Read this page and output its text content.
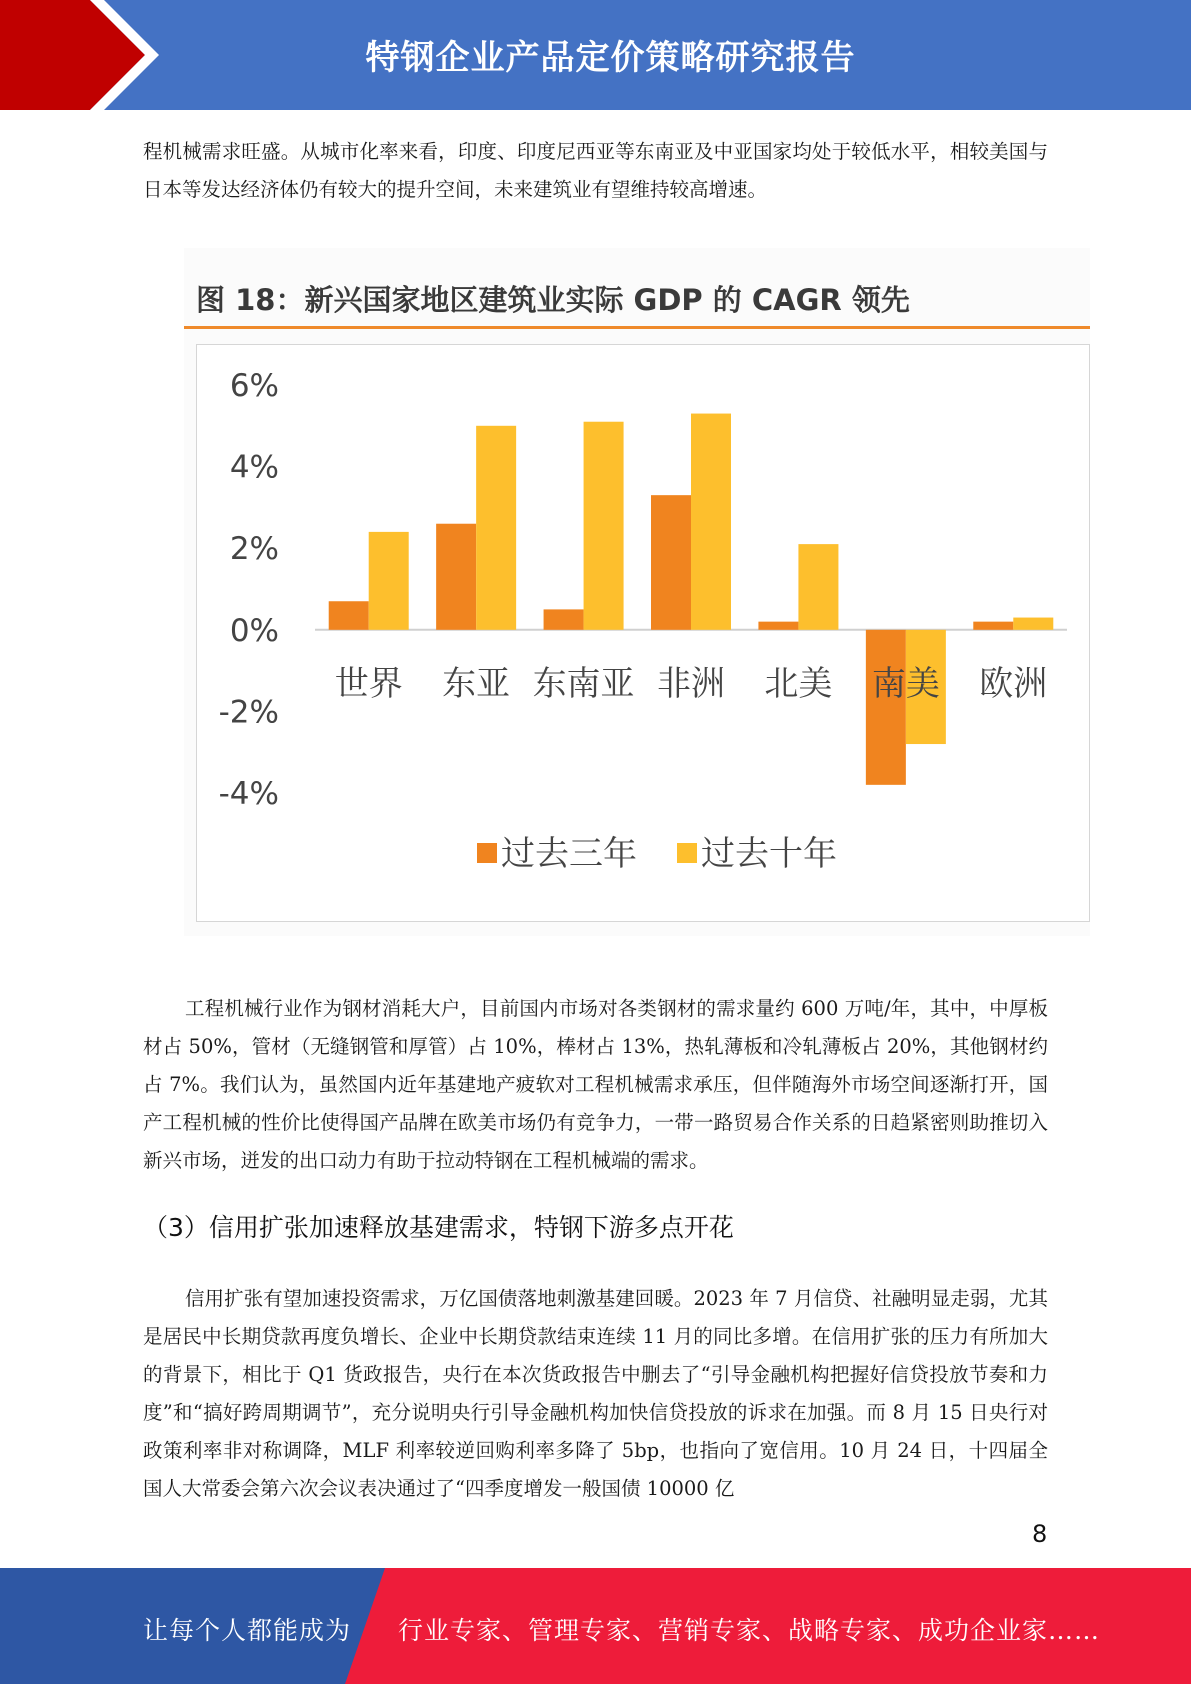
特钢企业产品定价策略研究报告
程机械需求旺盛。从城市化率来看，印度、印度尼西亚等东南亚及中亚国家均处于较低水平，相较美国与日本等发达经济体仍有较大的提升空间，未来建筑业有望维持较高增速。
图 18：新兴国家地区建筑业实际 GDP 的 CAGR 领先
6%
4%
2%
0%
-2%
-4%
世界 东亚 东南亚 非洲 北美 南美 欧洲
过去三年 过去十年
工程机械行业作为钢材消耗大户，目前国内市场对各类钢材的需求量约 600 万吨/年，其中，中厚板材占 50%，管材（无缝钢管和厚管）占 10%，棒材占 13%，热轧薄板和冷轧薄板占 20%，其他钢材约占 7%。我们认为，虽然国内近年基建地产疲软对工程机械需求承压，但伴随海外市场空间逐渐打开，国产工程机械的性价比使得国产品牌在欧美市场仍有竞争力，一带一路贸易合作关系的日趋紧密则助推切入新兴市场，迸发的出口动力有助于拉动特钢在工程机械端的需求。
（3）信用扩张加速释放基建需求，特钢下游多点开花
信用扩张有望加速投资需求，万亿国债落地刺激基建回暖。2023 年 7 月信贷、社融明显走弱，尤其是居民中长期贷款再度负增长、企业中长期贷款结束连续 11 月的同比多增。在信用扩张的压力有所加大的背景下，相比于 Q1 货政报告，央行在本次货政报告中删去了“引导金融机构把握好信贷投放节奏和力度”和“搞好跨周期调节”，充分说明央行引导金融机构加快信贷投放的诉求在加强。而 8 月 15 日央行对政策利率非对称调降，MLF 利率较逆回购利率多降了 5bp，也指向了宽信用。10 月 24 日，十四届全国人大常委会第六次会议表决通过了“四季度增发一般国债 10000 亿
8
让每个人都能成为 行业专家、管理专家、营销专家、战略专家、成功企业家……
